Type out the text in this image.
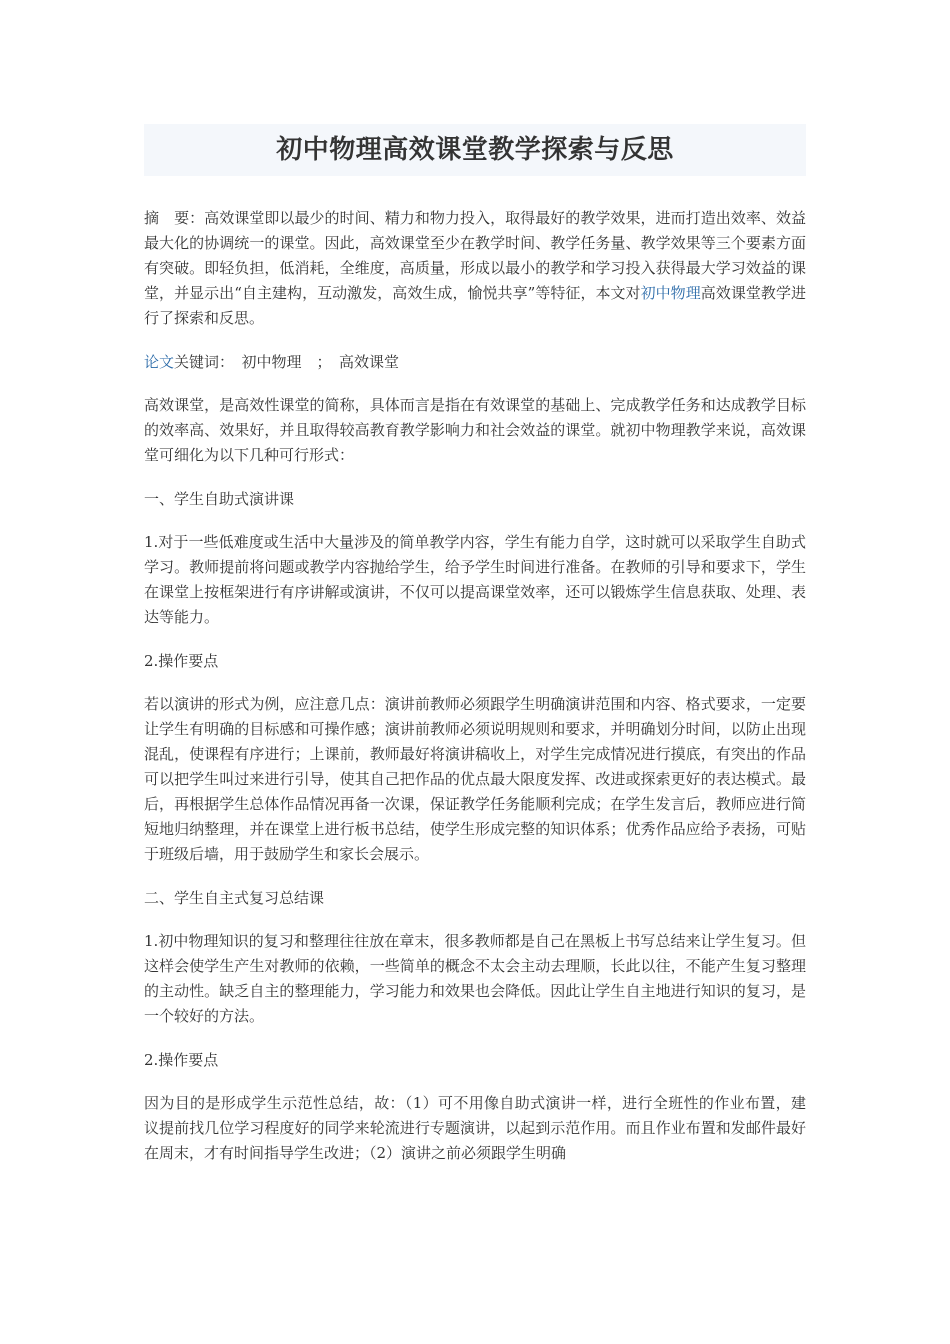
初中物理高效课堂教学探索与反思

摘　要：高效课堂即以最少的时间、精力和物力投入，取得最好的教学效果，进而打造出效率、效益最大化的协调统一的课堂。因此，高效课堂至少在教学时间、教学任务量、教学效果等三个要素方面有突破。即轻负担，低消耗，全维度，高质量，形成以最小的教学和学习投入获得最大学习效益的课堂，并显示出“自主建构，互动激发，高效生成，愉悦共享”等特征，本文对初中物理高效课堂教学进行了探索和反思。

论文关键词：　初中物理　；　高效课堂

高效课堂，是高效性课堂的简称，具体而言是指在有效课堂的基础上、完成教学任务和达成教学目标的效率高、效果好，并且取得较高教育教学影响力和社会效益的课堂。就初中物理教学来说，高效课堂可细化为以下几种可行形式：

一、学生自助式演讲课

1.对于一些低难度或生活中大量涉及的简单教学内容，学生有能力自学，这时就可以采取学生自助式学习。教师提前将问题或教学内容抛给学生，给予学生时间进行准备。在教师的引导和要求下，学生在课堂上按框架进行有序讲解或演讲，不仅可以提高课堂效率，还可以锻炼学生信息获取、处理、表达等能力。

2.操作要点

若以演讲的形式为例，应注意几点：演讲前教师必须跟学生明确演讲范围和内容、格式要求，一定要让学生有明确的目标感和可操作感；演讲前教师必须说明规则和要求，并明确划分时间，以防止出现混乱，使课程有序进行；上课前，教师最好将演讲稿收上，对学生完成情况进行摸底，有突出的作品可以把学生叫过来进行引导，使其自己把作品的优点最大限度发挥、改进或探索更好的表达模式。最后，再根据学生总体作品情况再备一次课，保证教学任务能顺利完成；在学生发言后，教师应进行简短地归纳整理，并在课堂上进行板书总结，使学生形成完整的知识体系；优秀作品应给予表扬，可贴于班级后墙，用于鼓励学生和家长会展示。

二、学生自主式复习总结课

1.初中物理知识的复习和整理往往放在章末，很多教师都是自己在黑板上书写总结来让学生复习。但这样会使学生产生对教师的依赖，一些简单的概念不太会主动去理顺，长此以往，不能产生复习整理的主动性。缺乏自主的整理能力，学习能力和效果也会降低。因此让学生自主地进行知识的复习，是一个较好的方法。

2.操作要点

因为目的是形成学生示范性总结，故：（1）可不用像自助式演讲一样，进行全班性的作业布置，建议提前找几位学习程度好的同学来轮流进行专题演讲，以起到示范作用。而且作业布置和发邮件最好在周末，才有时间指导学生改进；（2）演讲之前必须跟学生明确
